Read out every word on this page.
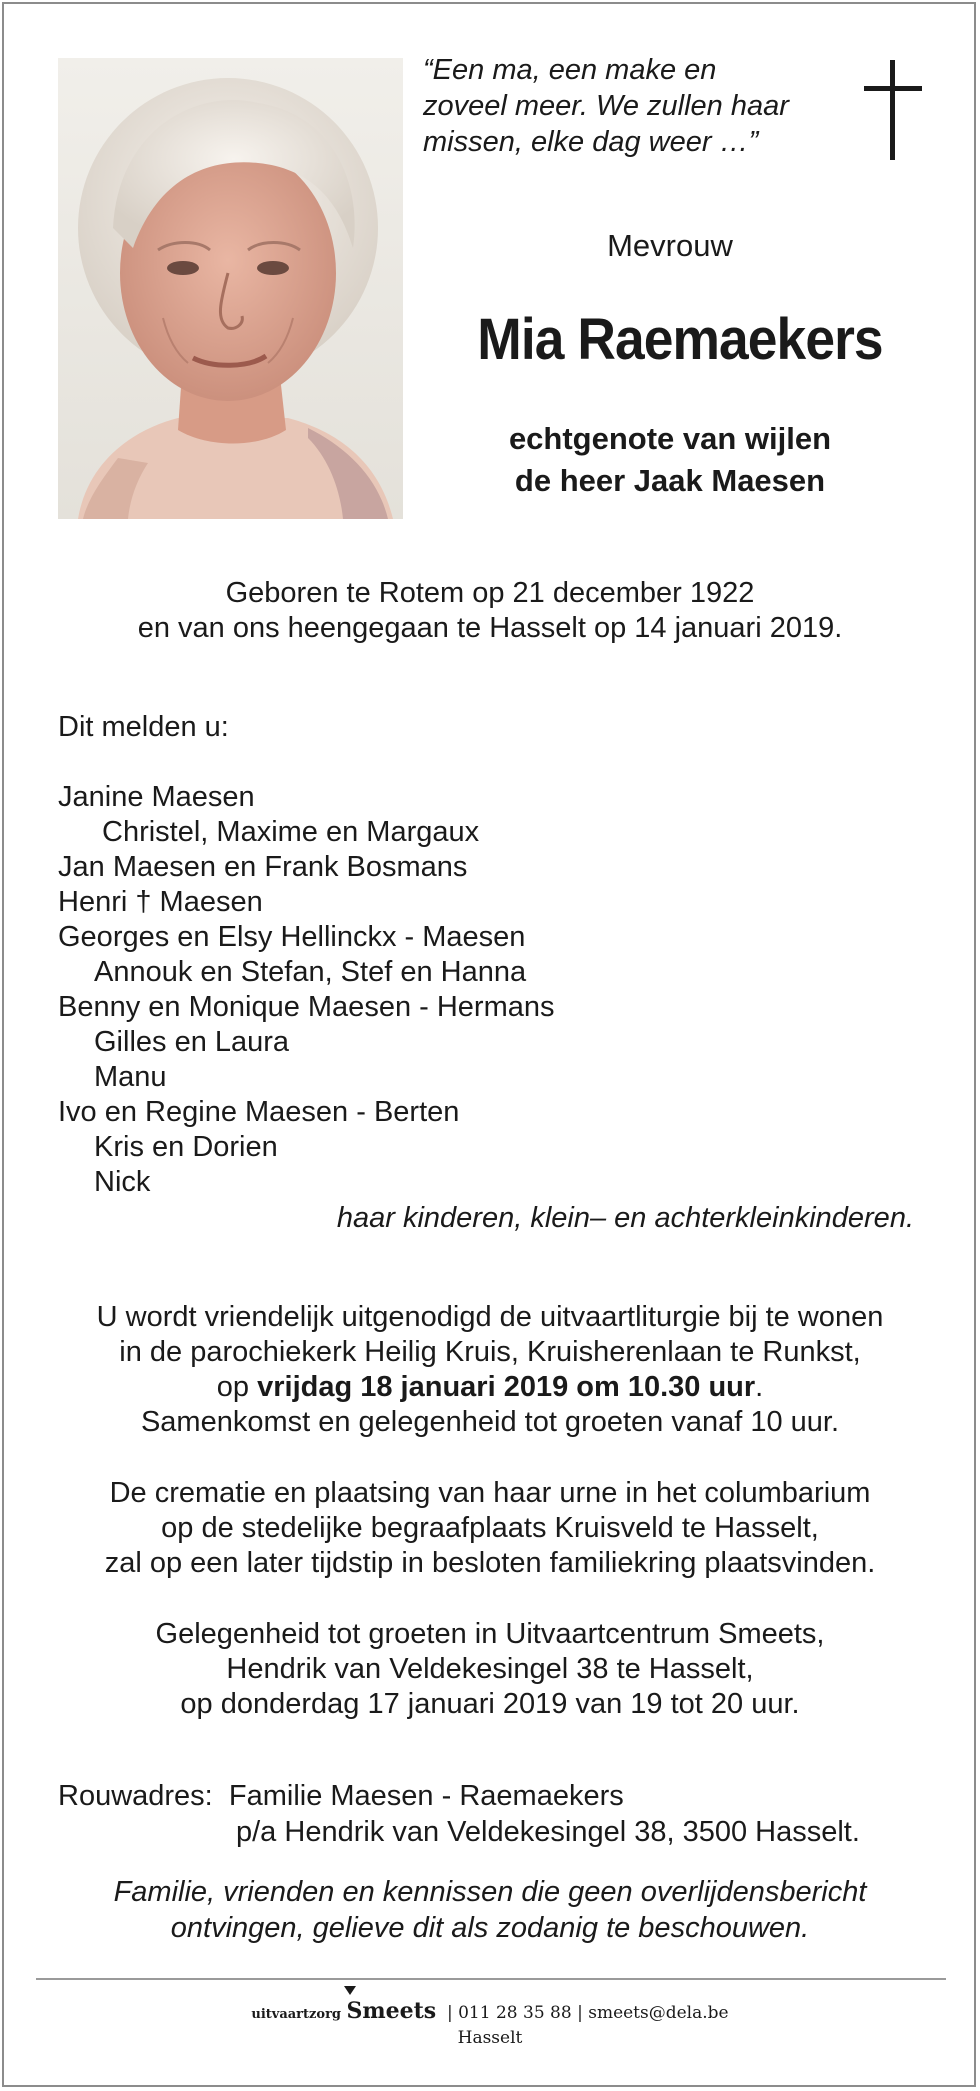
“Een ma, een make en
zoveel meer. We zullen haar
missen, elke dag weer …”
Mevrouw
Mia Raemaekers
echtgenote van wijlen
de heer Jaak Maesen
Geboren te Rotem op 21 december 1922
en van ons heengegaan te Hasselt op 14 januari 2019.
Dit melden u:
Janine Maesen
Christel, Maxime en Margaux
Jan Maesen en Frank Bosmans
Henri † Maesen
Georges en Elsy Hellinckx - Maesen
Annouk en Stefan, Stef en Hanna
Benny en Monique Maesen - Hermans
Gilles en Laura
Manu
Ivo en Regine Maesen - Berten
Kris en Dorien
Nick
haar kinderen, klein– en achterkleinkinderen.
U wordt vriendelijk uitgenodigd de uitvaartliturgie bij te wonen
in de parochiekerk Heilig Kruis, Kruisherenlaan te Runkst,
op vrijdag 18 januari 2019 om 10.30 uur.
Samenkomst en gelegenheid tot groeten vanaf 10 uur.
De crematie en plaatsing van haar urne in het columbarium
op de stedelijke begraafplaats Kruisveld te Hasselt,
zal op een later tijdstip in besloten familiekring plaatsvinden.
Gelegenheid tot groeten in Uitvaartcentrum Smeets,
Hendrik van Veldekesingel 38 te Hasselt,
op donderdag 17 januari 2019 van 19 tot 20 uur.
Rouwadres: Familie Maesen - Raemaekers
p/a Hendrik van Veldekesingel 38, 3500 Hasselt.
Familie, vrienden en kennissen die geen overlijdensbericht
ontvingen, gelieve dit als zodanig te beschouwen.
uitvaartzorg Smeets  | 011 28 35 88 | smeets@dela.be
Hasselt
